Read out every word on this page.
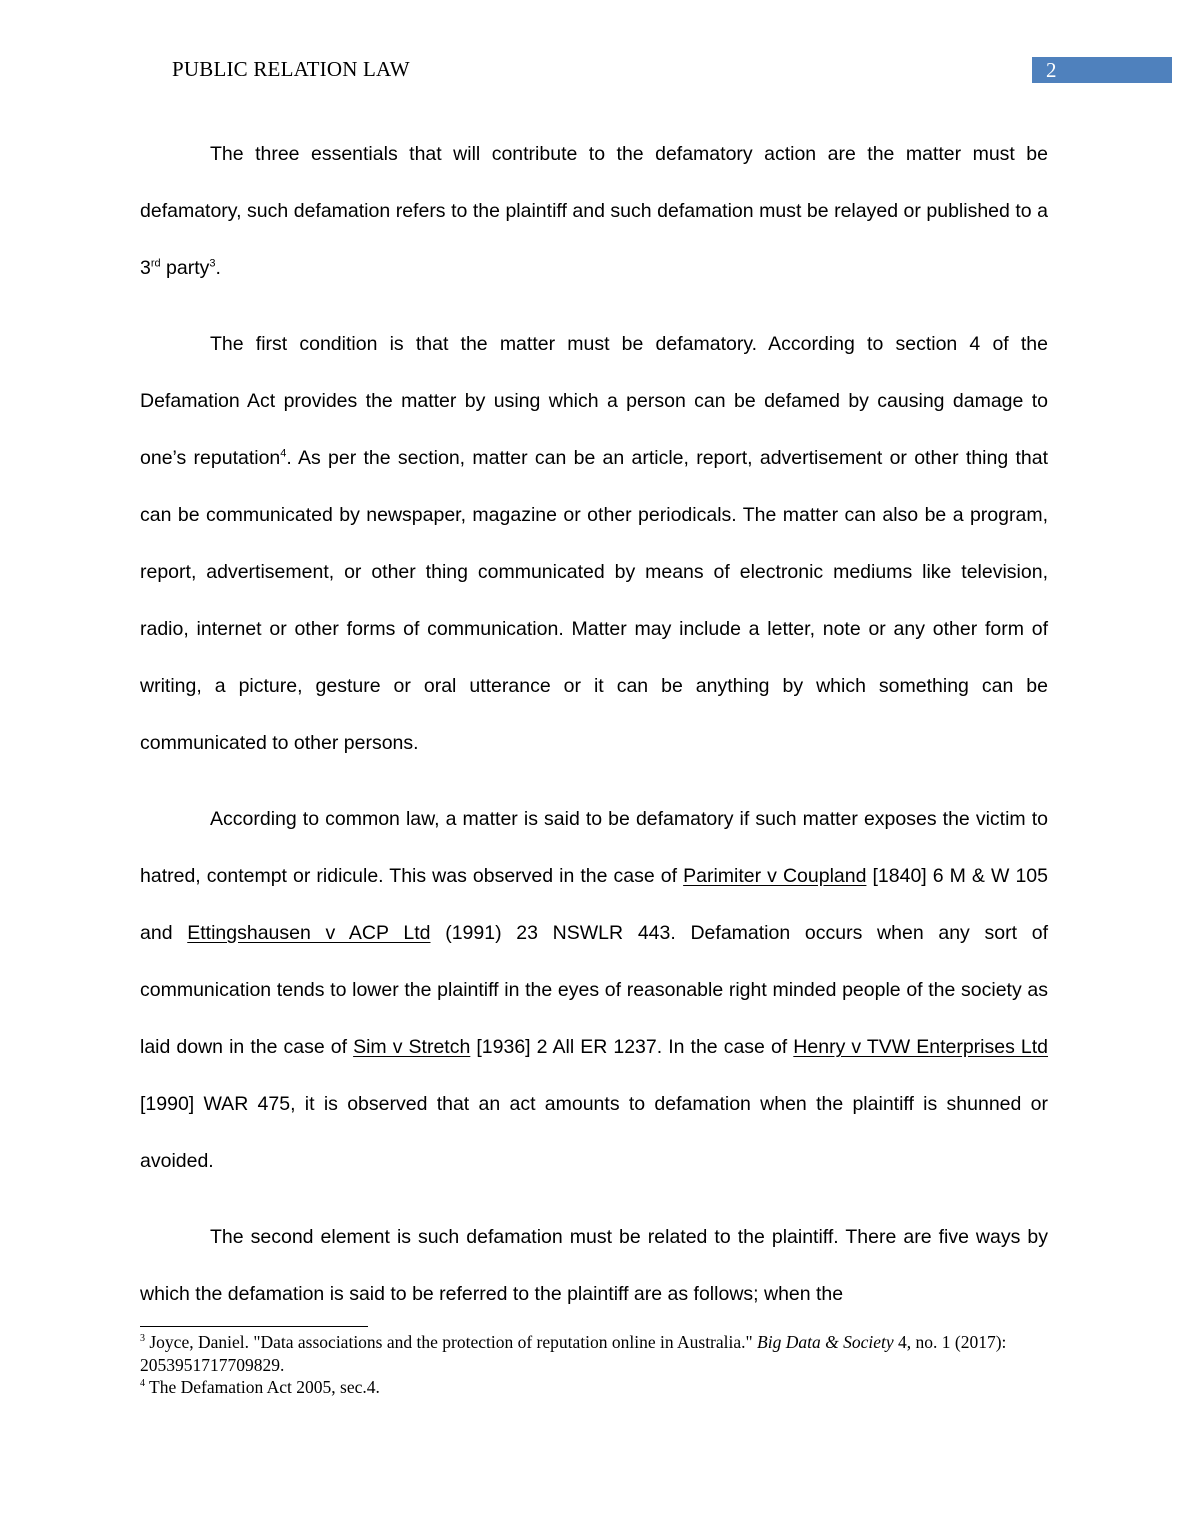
PUBLIC RELATION LAW	2

The three essentials that will contribute to the defamatory action are the matter must be defamatory, such defamation refers to the plaintiff and such defamation must be relayed or published to a 3rd party$^3$.

The first condition is that the matter must be defamatory. According to section 4 of the Defamation Act provides the matter by using which a person can be defamed by causing damage to one’s reputation$^4$. As per the section, matter can be an article, report, advertisement or other thing that can be communicated by newspaper, magazine or other periodicals. The matter can also be a program, report, advertisement, or other thing communicated by means of electronic mediums like television, radio, internet or other forms of communication. Matter may include a letter, note or any other form of writing, a picture, gesture or oral utterance or it can be anything by which something can be communicated to other persons.

According to common law, a matter is said to be defamatory if such matter exposes the victim to hatred, contempt or ridicule. This was observed in the case of Parimiter v Coupland [1840] 6 M & W 105 and Ettingshausen v ACP Ltd (1991) 23 NSWLR 443. Defamation occurs when any sort of communication tends to lower the plaintiff in the eyes of reasonable right minded people of the society as laid down in the case of Sim v Stretch [1936] 2 All ER 1237. In the case of Henry v TVW Enterprises Ltd [1990] WAR 475, it is observed that an act amounts to defamation when the plaintiff is shunned or avoided.

The second element is such defamation must be related to the plaintiff. There are five ways by which the defamation is said to be referred to the plaintiff are as follows; when the

$^3$ Joyce, Daniel. "Data associations and the protection of reputation online in Australia." Big Data & Society 4, no. 1 (2017): 2053951717709829.

$^4$ The Defamation Act 2005, sec.4.
